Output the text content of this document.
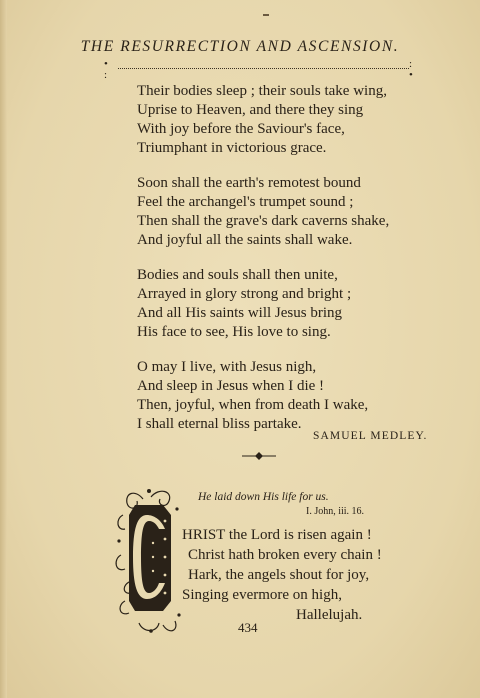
THE RESURRECTION AND ASCENSION.
•
:
:
•
Their bodies sleep ; their souls take wing,
Uprise to Heaven, and there they sing
With joy before the Saviour's face,
Triumphant in victorious grace.
Soon shall the earth's remotest bound
Feel the archangel's trumpet sound ;
Then shall the grave's dark caverns shake,
And joyful all the saints shall wake.
Bodies and souls shall then unite,
Arrayed in glory strong and bright ;
And all His saints will Jesus bring
His face to see, His love to sing.
O may I live, with Jesus nigh,
And sleep in Jesus when I die !
Then, joyful, when from death I wake,
I shall eternal bliss partake.
SAMUEL MEDLEY.
He laid down His life for us.
I. John, iii. 16.
HRIST the Lord is risen again !
Christ hath broken every chain !
Hark, the angels shout for joy,
Singing evermore on high,
Hallelujah.
434
